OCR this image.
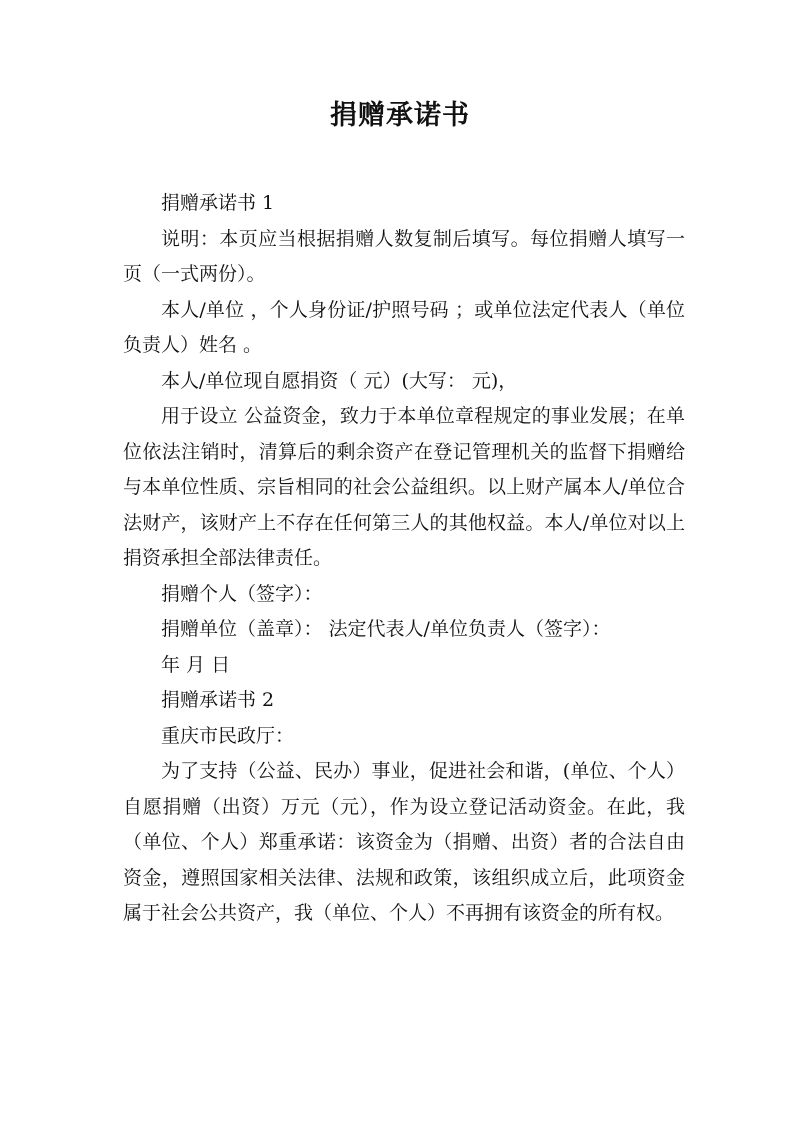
捐赠承诺书

捐赠承诺书 1

说明：本页应当根据捐赠人数复制后填写。每位捐赠人填写一页（一式两份）。

本人/单位 ，个人身份证/护照号码 ；或单位法定代表人（单位负责人）姓名 。

本人/单位现自愿捐资（ 元）(大写： 元)，

用于设立 公益资金，致力于本单位章程规定的事业发展；在单位依法注销时，清算后的剩余资产在登记管理机关的监督下捐赠给与本单位性质、宗旨相同的社会公益组织。以上财产属本人/单位合法财产，该财产上不存在任何第三人的其他权益。本人/单位对以上捐资承担全部法律责任。

捐赠个人（签字）：

捐赠单位（盖章）： 法定代表人/单位负责人（签字）：

年 月 日

捐赠承诺书 2

重庆市民政厅：

为了支持（公益、民办）事业，促进社会和谐，(单位、个人）自愿捐赠（出资）万元（元），作为设立登记活动资金。在此，我（单位、个人）郑重承诺：该资金为（捐赠、出资）者的合法自由资金，遵照国家相关法律、法规和政策，该组织成立后，此项资金属于社会公共资产，我（单位、个人）不再拥有该资金的所有权。
